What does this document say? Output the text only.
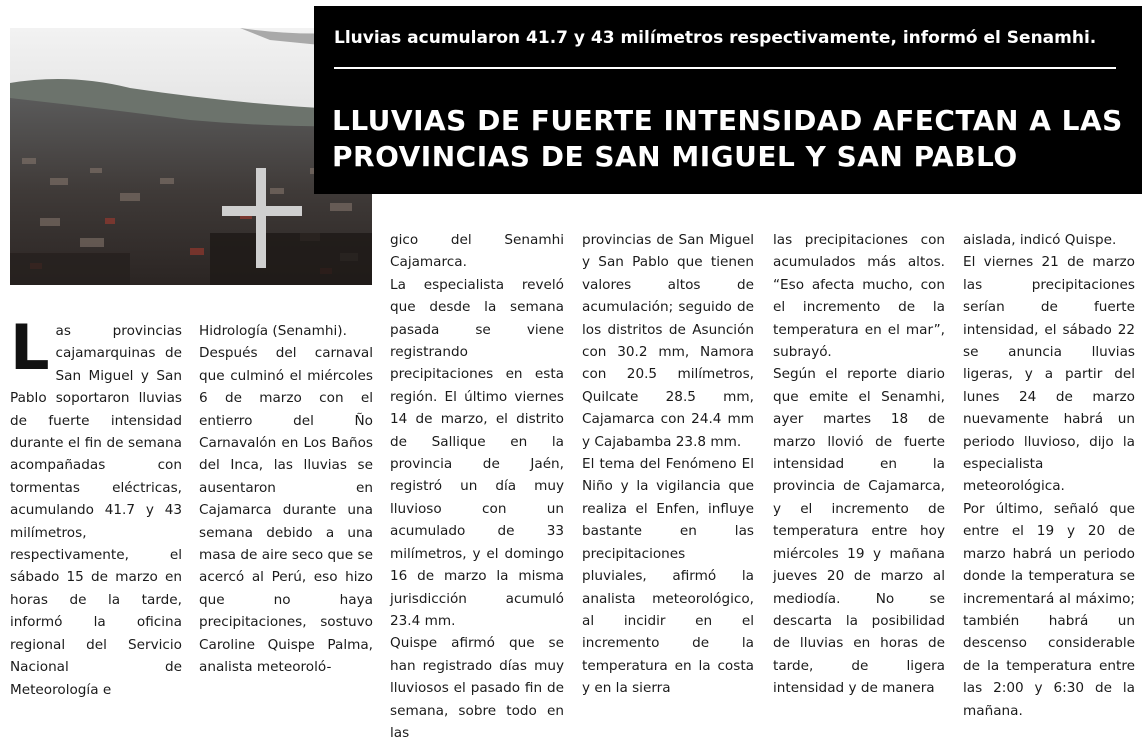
Lluvias acumularon 41.7 y 43 milímetros respectivamente, informó el Senamhi.
LLUVIAS DE FUERTE INTENSIDAD AFECTAN A LAS
PROVINCIAS DE SAN MIGUEL Y SAN PABLO
L as provincias cajamarquinas de San Miguel y San Pablo soportaron lluvias de fuerte intensidad durante el fin de semana acompañadas con tormentas eléctricas, acumulando 41.7 y 43 milímetros, respectivamente, el sábado 15 de marzo en horas de la tarde, informó la oficina regional del Servicio Nacional de Meteorología e

Hidrología (Senamhi).

Después del carnaval que culminó el miércoles 6 de marzo con el entierro del Ño Carnavalón en Los Baños del Inca, las lluvias se ausentaron en Cajamarca durante una semana debido a una masa de aire seco que se acercó al Perú, eso hizo que no haya precipitaciones, sostuvo Caroline Quispe Palma, analista meteoroló-

gico del Senamhi Cajamarca.

La especialista reveló que desde la semana pasada se viene registrando precipitaciones en esta región. El último viernes 14 de marzo, el distrito de Sallique en la provincia de Jaén, registró un día muy lluvioso con un acumulado de 33 milímetros, y el domingo 16 de marzo la misma jurisdicción acumuló 23.4 mm.

Quispe afirmó que se han registrado días muy lluviosos el pasado fin de semana, sobre todo en las

provincias de San Miguel y San Pablo que tienen valores altos de acumulación; seguido de los distritos de Asunción con 30.2 mm, Namora con 20.5 milímetros, Quilcate 28.5 mm, Cajamarca con 24.4 mm y Cajabamba 23.8 mm.

El tema del Fenómeno El Niño y la vigilancia que realiza el Enfen, influye bastante en las precipitaciones pluviales, afirmó la analista meteorológico, al incidir en el incremento de la temperatura en la costa y en la sierra

las precipitaciones con acumulados más altos. “Eso afecta mucho, con el incremento de la temperatura en el mar”, subrayó.

Según el reporte diario que emite el Senamhi, ayer martes 18 de marzo llovió de fuerte intensidad en la provincia de Cajamarca, y el incremento de temperatura entre hoy miércoles 19 y mañana jueves 20 de marzo al mediodía. No se descarta la posibilidad de lluvias en horas de tarde, de ligera intensidad y de manera

aislada, indicó Quispe.

El viernes 21 de marzo las precipitaciones serían de fuerte intensidad, el sábado 22 se anuncia lluvias ligeras, y a partir del lunes 24 de marzo nuevamente habrá un periodo lluvioso, dijo la especialista meteorológica.

Por último, señaló que entre el 19 y 20 de marzo habrá un periodo donde la temperatura se incrementará al máximo; también habrá un descenso considerable de la temperatura entre las 2:00 y 6:30 de la mañana.
